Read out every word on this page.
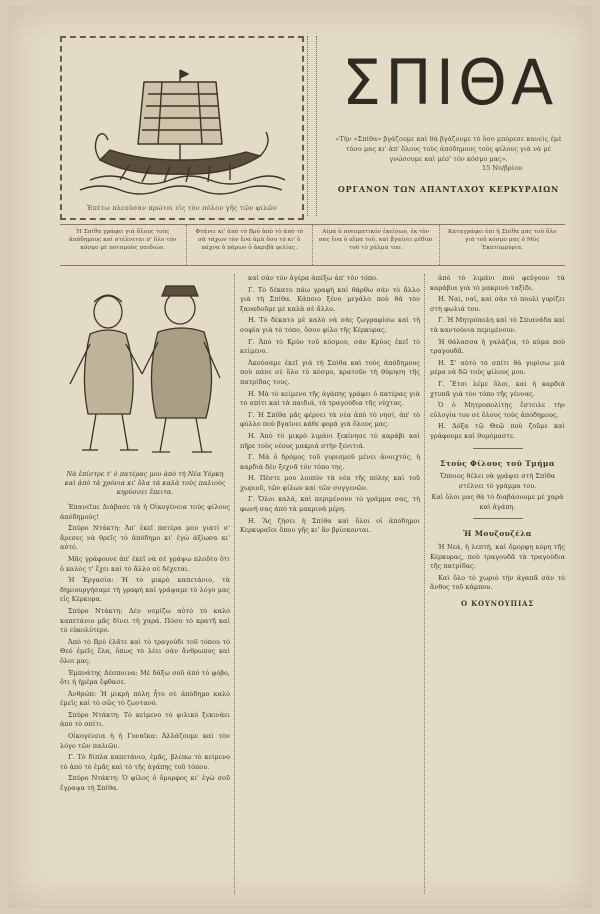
Ἐπέτω πλεούσαν πρώτοι εἰς τὸν πόλον γῆς τῶν φιλῶν
ΣΠΙΘΑ
«Τὴν «Σπίθα» βγάζουμε καὶ θὰ βγάζουμε τὸ ὅσο μπόρεσε κανεὶς ἐμὲ τόσο μας κι' ἀπ' ὅλους τοὺς ἀπόδημους τοὺς φίλους γιὰ νὰ μὲ γνώσουμε καὶ μέσ' τὸν κόσμο μας».
15 Νο/βρίου
ΟΡΓΑΝΟΝ ΤΩΝ ΑΠΑΝΤΑΧΟΥ ΚΕΡΚΥΡΑΙΩΝ
Ἡ Σπίθα γράφει γιὰ ὅλους τοὺς ἀπόδημους καὶ στέλνεται σ' ὅλο τὸν κόσμο μὲ ποταμοὺς παιδιών.
Φτάνει κι' ἀπὸ τὸ Βρύ ἀπὸ τὸ ἀπὸ τὸ σὰ τάχων τὸν ἔνα ἀμὰ ὅσο τὸ κι' ὁ πάχνα ὁ πάρων ὁ ἀκριβὰ φιλίας.
Αίμα ὁ πνευματικόν ἐκείνων, ἐκ τὸν σας ἔνα ὁ αἴμα τοῦ, καὶ βγαίνει μέθιαι τοῦ τὸ χάλμα του.
Καταγράφει ἐπὶ ἡ Σπίθα μας τοῦ ὅλο γιὰ τοῦ κόσμο μας ὁ Μῦς Ἐκατομμύρια.
Νὰ ἐπίστρε τ' ὁ πατέρας μου ἀπὸ τὴ Νέα Υόρκη καὶ ἀπὸ τὰ χρόνια κι' ὅλα τὰ καλὰ τοὺς παλιοὺς κηρύσσει ἔπειτα.

Ἐπανεῖπε Διάβασε τὰ ἡ Οἰκογένεια τοὺς φίλους ἀπόδημούς!

Σπύρο Ντάκτη: Ἀπ' ἐκεῖ πατέρα μου γιατί σ' ἄρεσες νὰ θρεῖς τὸ ἀπόδημο κι' ἐγὼ ἀξίωσα κι' αὐτό.

Μᾶς γράφουνε ἀπ' ἐκεῖ νὰ σὲ γράψω πλοῦτο ὅτι ὁ καλὸς τ' ἔχει καὶ τὸ ἄλλο σὲ δέχεται.

Ἡ Ἐργασία: Ἡ τὸ μικρὸ καπετάνιο, τὰ δημιουργήσαμε τὴ γραφή καὶ γράψαμε τὸ λόγο μας εἰς Κέρκυρα.

Σπύρο Ντάκτη: Δὲν νομίζω αὐτὸ τὸ καλὸ καπετάνιο μᾶς δίνει τὴ χαρά. Πόσο τὸ κρατῆ καὶ τὸ εὐκολύτερο.

Ἀπὸ τὸ Βρύ ἐλᾶτε καὶ τὸ τραγούδι τοῦ τόπου τὸ Θεό ἐμεῖς ἔλα, ὅπως τὸ λέει σὰν ἄνθρωπος καὶ ὅλοι μας.

Ἐμπνάτης Δέσποινα: Μὲ δάξω σοῦ ἀπὸ τὸ φόβο, ὅτι ἡ ἡμέρα ἔφθασε.

Ἀνθρώπ: Ἡ μικρὴ πόλη ἦτο σὲ ἀπόδημο καλὸ ἐμεῖς καὶ τὸ σῶς τὸ ζωντανό.

Σπύρο Ντάκτη: Τὸ κείμενο τὸ φιλικὸ ξεκινάει ἀπὸ τὸ σπίτι.

Οἰκογένεια ἡ ἡ Γυναῖκα: Ἀλλάζουμε καὶ τὸν λόγο τῶν παλιῶν.

Γ. Τὸ δίπλα καπετάνιο, ἐμᾶς, βλέπω τὸ κείμενο τὸ ἀπὸ τὸ ἐμᾶς καὶ τὸ τῆς ἀγάπης τοῦ τόπου.

Σπύρο Ντάκτη: Ὁ φίλος ὁ ὄμορφος κι' ἐγὼ σοῦ ἔγραψα τὴ Σπίθα.

καὶ σὰν τὸν ἀγέρα ἀπέξω ἀπ' τὸν τόπο.

Γ. Τὸ δέκατο πάω γραφὴ καὶ θάρθω σὰν τὸ ἄλλο γιὰ τὴ Σπίθα. Κάποιο ξένο μεγάλο ποὺ θὰ τὸν ξαναδοῦμε μὲ καλὰ σὲ ἄλλο.

Η. Τὸ δέκατο μὲ καλὸ νὰ σὰς ζωγραφίσω καὶ τὴ σοφία γιὰ τὸ τόπο, ὅσον φίλο τῆς Κέρκυρας.

Γ. Ἀπὸ τὸ Κρύο τοῦ κόσμου, σὰν Κρύος ἐκεῖ τὸ κείμενο.

Ἀκούσαμε ἐκεῖ γιὰ τὴ Σπίθα καὶ τοὺς ἀπόδημους ποὺ πάνε σὲ ὅλο τὸ κόσμο, κρατοῦν τὴ θύμηση τῆς πατρίδας τους.

Η. Μὰ τὸ κείμενο τῆς ἀγάπης γράφει ὁ πατέρας γιὰ τὸ σπίτι καὶ τὰ παιδιά, τὰ τραγούδια τῆς νύχτας.

Γ. Ἡ Σπίθα μᾶς φέρνει τὰ νέα ἀπὸ τὸ νησί, ἀπ' τὸ φύλλο ποὺ βγαίνει κάθε φορά γιὰ ὅλους μας.

Η. Ἀπὸ τὸ μικρὸ λιμάνι ξεκίνησε τὸ καράβι καὶ πῆρε τοὺς νέους μακριά στὴν ξενιτιά.

Γ. Μὰ ὁ δρόμος τοῦ γυρισμοῦ μένει ἀνοιχτός, ἡ καρδιὰ δὲν ξεχνᾶ τὸν τόπο της.

Η. Πέστε μου λοιπὸν τὰ νέα τῆς πόλης καὶ τοῦ χωριοῦ, τῶν φίλων καὶ τῶν συγγενῶν.

Γ. Ὅλοι καλά, καὶ περιμένουν τὸ γράμμα σας, τὴ φωνή σας ἀπὸ τὰ μακρινὰ μέρη.

Η. Ἂς ζήσει ἡ Σπίθα καὶ ὅλοι οἱ ἀπόδημοι Κερκυραῖοι ὅπου γῆς κι' ἂν βρίσκονται.

ἀπὸ τὸ λιμάνι ποὺ φεύγουν τὰ καράβια γιὰ τὸ μακρινὸ ταξίδι.

Η. Ναί, ναί, καὶ σὰν τὸ πουλὶ γυρίζει στὴ φωλιά του.

Γ. Ἡ Μητρόπολη καὶ τὸ Σπιανάδα καὶ τὰ καντούνια περιμένουν.

Ἡ θάλασσα ἡ γαλάζια, τὸ κύμα ποὺ τραγουδᾶ.

Η. Σ' αὐτὸ τὸ σπίτι θὰ γυρίσω μιὰ μέρα νὰ δῶ τοὺς φίλους μου.

Γ. Ἔτσι λέμε ὅλοι, καὶ ἡ καρδιὰ χτυπᾶ γιὰ τὸν τόπο τῆς γέννας.

Ὁ ὁ Μητροπολίτης ἔστειλε τὴν εὐλογία του σὲ ὅλους τοὺς ἀπόδημους.

Η. Δόξα τῷ Θεῷ ποὺ ζοῦμε καὶ γράφουμε καὶ θυμόμαστε.

Στοὺς Φίλους τοῦ Τμήμα

Ὅποιος θέλει νὰ γράψει στὴ Σπίθα στέλνει τὸ γράμμα του.

Καὶ ὅλοι μας θὰ τὸ διαβάσουμε μὲ χαρά καὶ ἀγάπη.

Ἡ Μουζουζέλα

Ἡ Νεά, ἡ λεπτή, καὶ ὄμορφη κόρη τῆς Κέρκυρας, ποὺ τραγουδᾶ τὰ τραγούδια τῆς πατρίδας.

Καὶ ὅλο τὸ χωριὸ τὴν ἀγαπᾶ σὰν τὸ ἄνθος τοῦ κάμπου.

Ο ΚΟΥΝΟΥΠΙΑΣ
